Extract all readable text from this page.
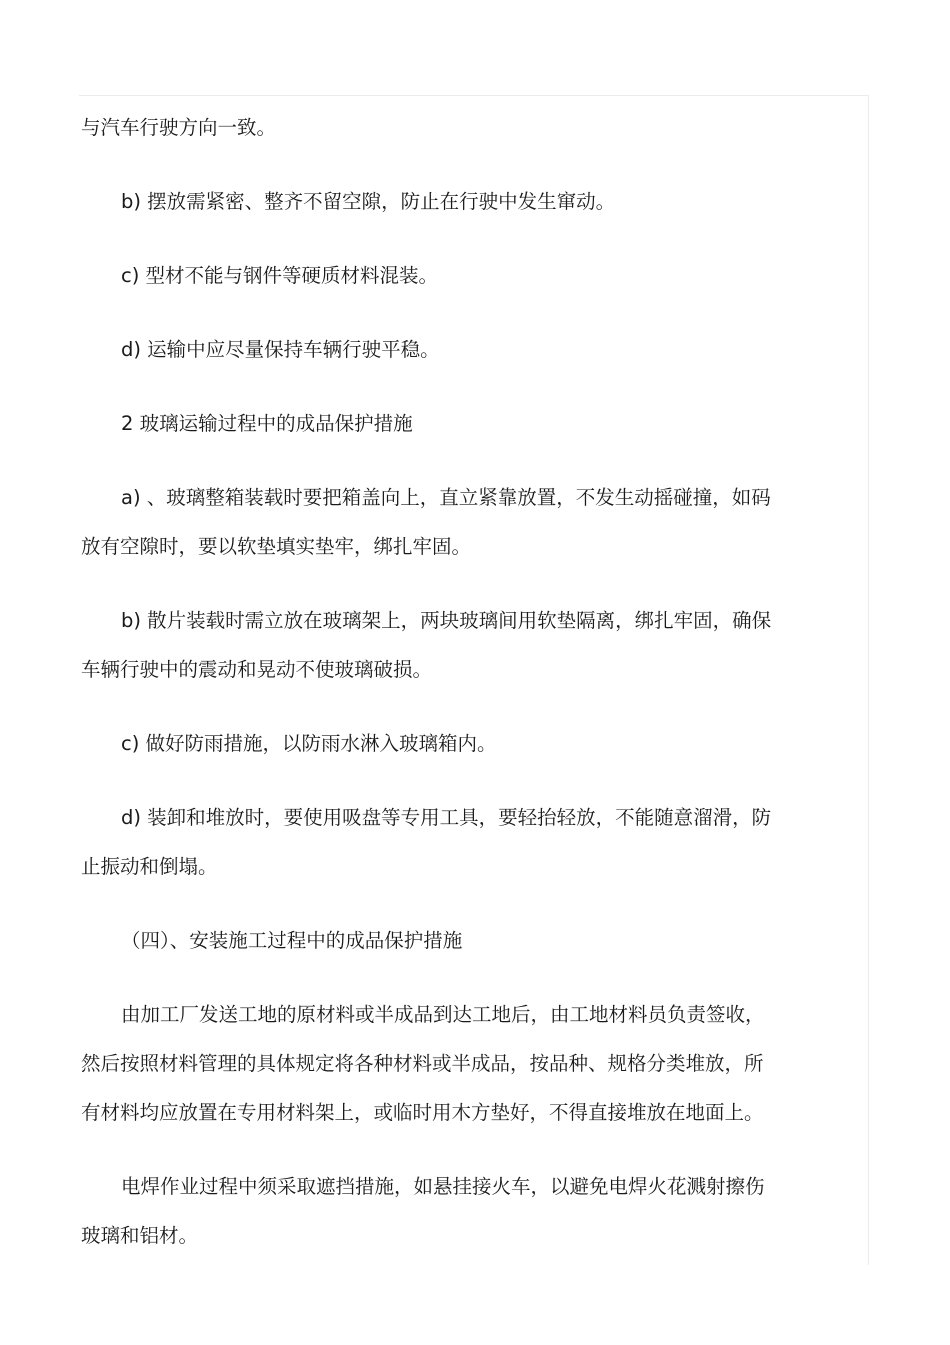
与汽车行驶方向一致。

b) 摆放需紧密、整齐不留空隙，防止在行驶中发生窜动。

c) 型材不能与钢件等硬质材料混装。

d) 运输中应尽量保持车辆行驶平稳。

2 玻璃运输过程中的成品保护措施

a) 、玻璃整箱装载时要把箱盖向上，直立紧靠放置，不发生动摇碰撞，如码

放有空隙时，要以软垫填实垫牢，绑扎牢固。

b) 散片装载时需立放在玻璃架上，两块玻璃间用软垫隔离，绑扎牢固，确保

车辆行驶中的震动和晃动不使玻璃破损。

c) 做好防雨措施，以防雨水淋入玻璃箱内。

d) 装卸和堆放时，要使用吸盘等专用工具，要轻抬轻放，不能随意溜滑，防

止振动和倒塌。

（四）、安装施工过程中的成品保护措施

由加工厂发送工地的原材料或半成品到达工地后，由工地材料员负责签收，

然后按照材料管理的具体规定将各种材料或半成品，按品种、规格分类堆放，所

有材料均应放置在专用材料架上，或临时用木方垫好，不得直接堆放在地面上。

电焊作业过程中须采取遮挡措施，如悬挂接火车，以避免电焊火花溅射擦伤

玻璃和铝材。
